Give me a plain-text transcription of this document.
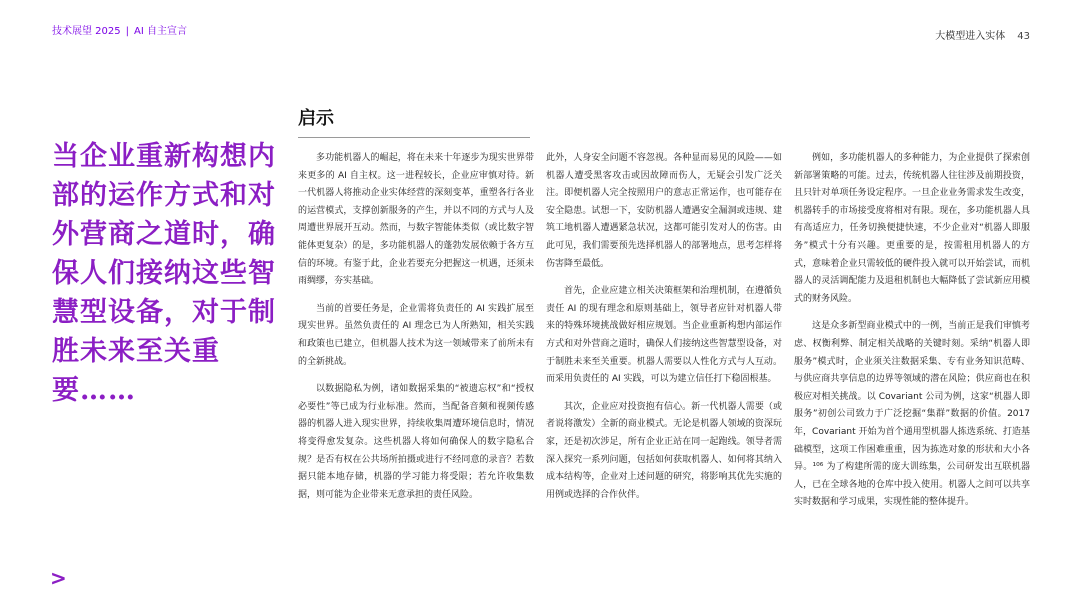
技术展望 2025 | AI 自主宣言	大模型进入实体 43
当企业重新构想内部的运作方式和对外营商之道时，确保人们接纳这些智慧型设备，对于制胜未来至关重要……
启示

多功能机器人的崛起，将在未来十年逐步为现实世界带来更多的 AI 自主权。这一进程较长，企业应审慎对待。新一代机器人将推动企业实体经营的深刻变革，重塑各行各业的运营模式，支撑创新服务的产生，并以不同的方式与人及周遭世界展开互动。然而，与数字智能体类似（或比数字智能体更复杂）的是，多功能机器人的蓬勃发展依赖于各方互信的环境。有鉴于此，企业若要充分把握这一机遇，还须未雨绸缪，夯实基础。

当前的首要任务是，企业需将负责任的 AI 实践扩展至现实世界。虽然负责任的 AI 理念已为人所熟知，相关实践和政策也已建立，但机器人技术为这一领域带来了前所未有的全新挑战。

以数据隐私为例，诸如数据采集的“被遗忘权”和“授权必要性”等已成为行业标准。然而，当配备音频和视频传感器的机器人进入现实世界，持续收集周遭环境信息时，情况将变得愈发复杂。这些机器人将如何确保人的数字隐私合规？是否有权在公共场所拍摄或进行不经同意的录音？若数据只能本地存储，机器的学习能力将受限；若允许收集数据，则可能为企业带来无意承担的责任风险。

此外，人身安全问题不容忽视。各种显而易见的风险——如机器人遭受黑客攻击或因故障而伤人，无疑会引发广泛关注。即便机器人完全按照用户的意志正常运作，也可能存在安全隐患。试想一下，安防机器人遭遇安全漏洞或违规、建筑工地机器人遭遇紧急状况，这都可能引发对人的伤害。由此可见，我们需要预先选择机器人的部署地点，思考怎样将伤害降至最低。

首先，企业应建立相关决策框架和治理机制，在遵循负责任 AI 的现有理念和原则基础上，领导者应针对机器人带来的特殊环境挑战做好相应规划。当企业重新构想内部运作方式和对外营商之道时，确保人们接纳这些智慧型设备，对于制胜未来至关重要。机器人需要以人性化方式与人互动。而采用负责任的 AI 实践，可以为建立信任打下稳固根基。

其次，企业应对投资抱有信心。新一代机器人需要（或者说将激发）全新的商业模式。无论是机器人领域的资深玩家，还是初次涉足，所有企业正站在同一起跑线。领导者需深入探究一系列问题，包括如何获取机器人、如何将其纳入成本结构等，企业对上述问题的研究，将影响其优先实施的用例或选择的合作伙伴。

例如，多功能机器人的多种能力，为企业提供了探索创新部署策略的可能。过去，传统机器人往往涉及前期投资，且只针对单项任务设定程序。一旦企业业务需求发生改变，机器转手的市场接受度将相对有限。现在，多功能机器人具有高适应力，任务切换便捷快速，不少企业对“机器人即服务”模式十分有兴趣。更重要的是，按需租用机器人的方式，意味着企业只需较低的硬件投入就可以开始尝试，而机器人的灵活调配能力及退租机制也大幅降低了尝试新应用模式的财务风险。

这是众多新型商业模式中的一例，当前正是我们审慎考虑、权衡利弊、制定相关战略的关键时刻。采纳“机器人即服务”模式时，企业须关注数据采集、专有业务知识范畴、与供应商共享信息的边界等领域的潜在风险；供应商也在积极应对相关挑战。以 Covariant 公司为例，这家“机器人即服务”初创公司致力于广泛挖掘“集群”数据的价值。2017 年，Covariant 开始为首个通用型机器人拣选系统、打造基础模型，这项工作困难重重，因为拣选对象的形状和大小各异。¹⁰⁶ 为了构建所需的庞大训练集，公司研发出互联机器人，已在全球各地的仓库中投入使用。机器人之间可以共享实时数据和学习成果，实现性能的整体提升。

>
